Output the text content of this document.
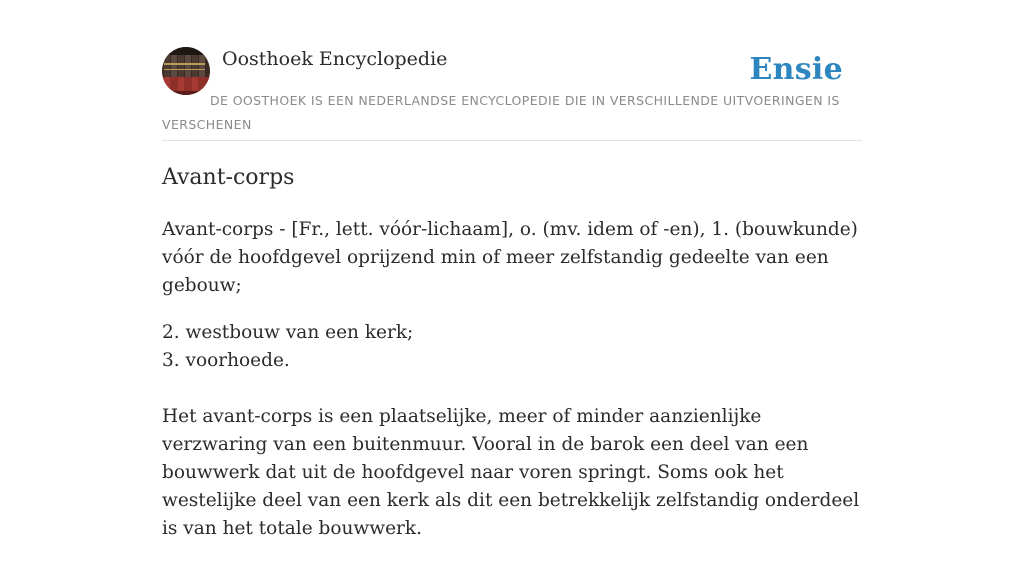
Oosthoek Encyclopedie	Ensie
DE OOSTHOEK IS EEN NEDERLANDSE ENCYCLOPEDIE DIE IN VERSCHILLENDE UITVOERINGEN IS VERSCHENEN
Avant-corps

Avant-corps - [Fr., lett. vóór-lichaam], o. (mv. idem of -en), 1. (bouwkunde) vóór de hoofdgevel oprijzend min of meer zelfstandig gedeelte van een gebouw;

2. westbouw van een kerk;

3. voorhoede.

Het avant-corps is een plaatselijke, meer of minder aanzienlijke verzwaring van een buitenmuur. Vooral in de barok een deel van een bouwwerk dat uit de hoofdgevel naar voren springt. Soms ook het westelijke deel van een kerk als dit een betrekkelijk zelfstandig onderdeel is van het totale bouwwerk.
